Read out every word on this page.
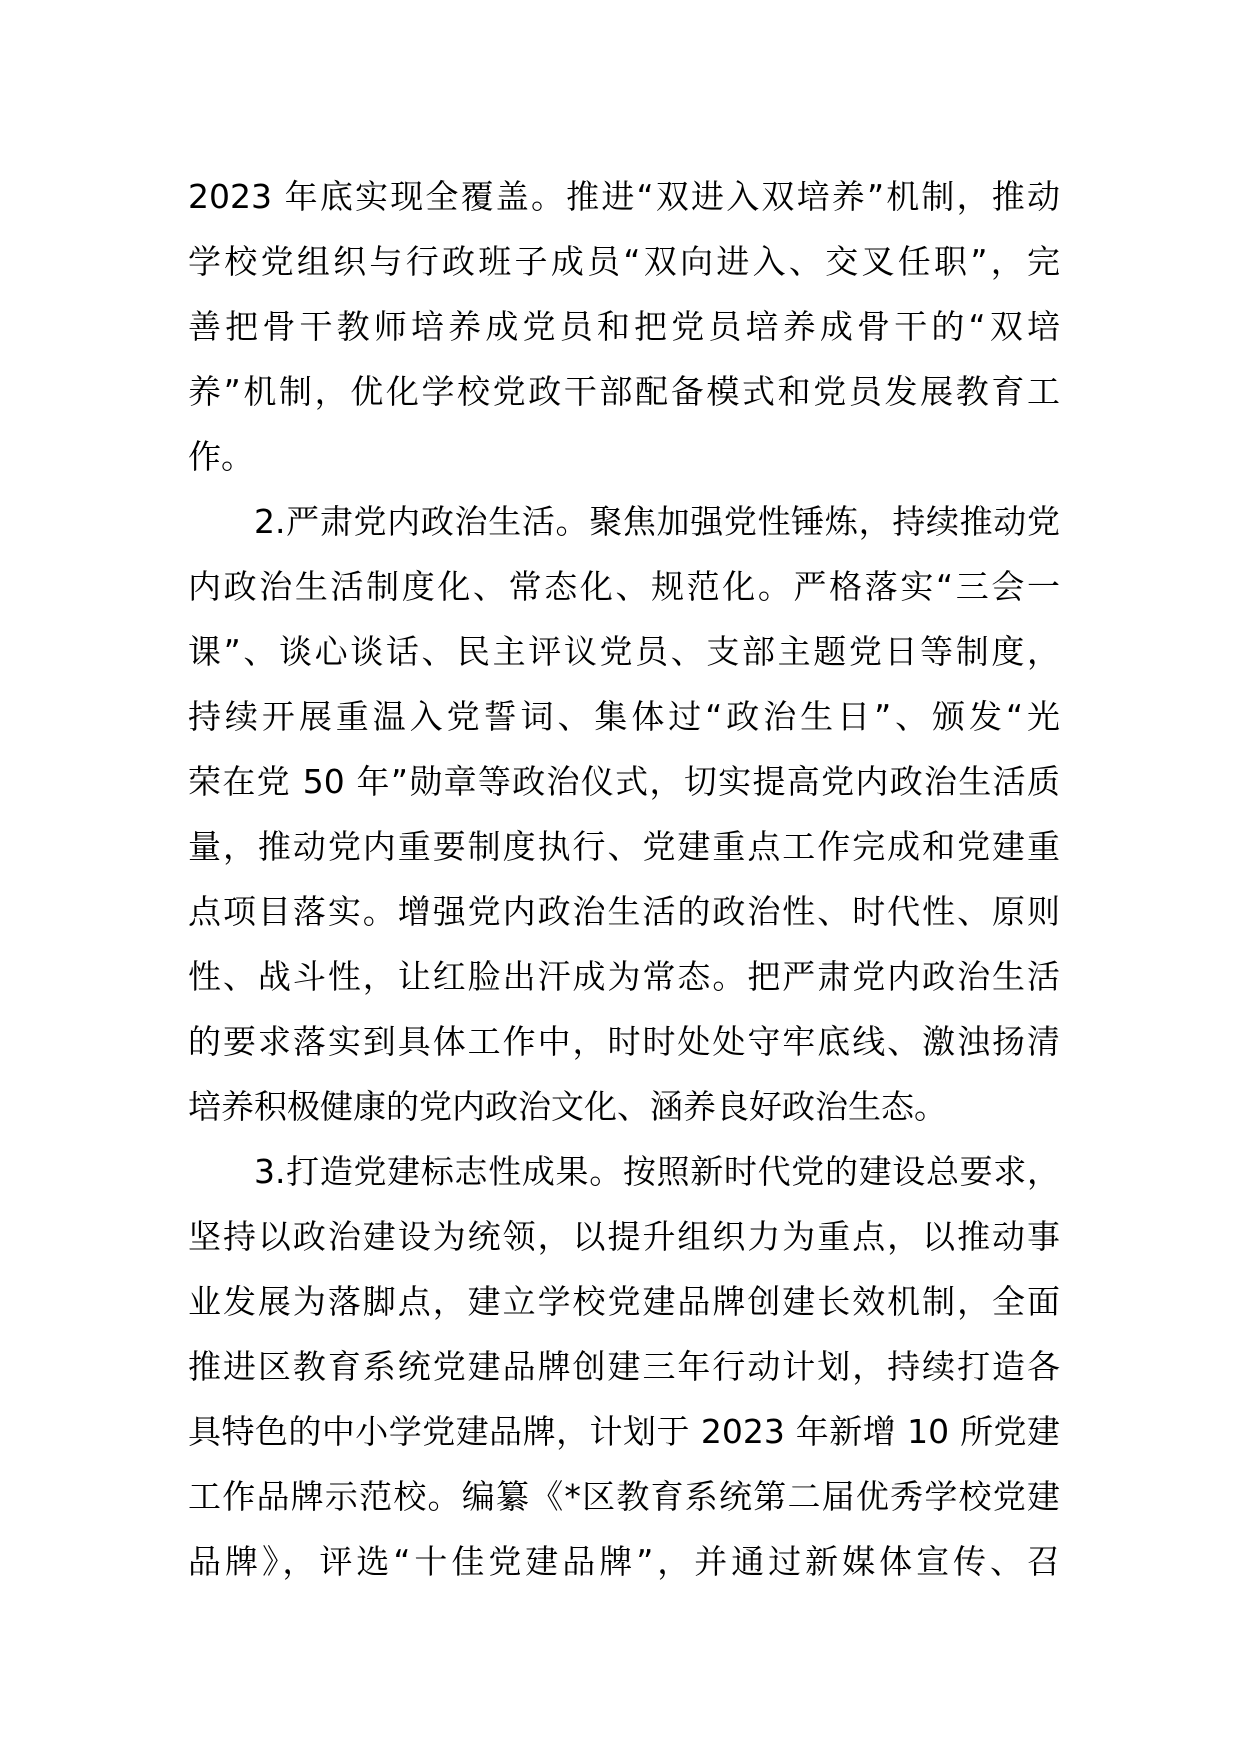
2023 年底实现全覆盖。推进“双进入双培养”机制，推动
学校党组织与行政班子成员“双向进入、交叉任职”，完
善把骨干教师培养成党员和把党员培养成骨干的“双培
养”机制，优化学校党政干部配备模式和党员发展教育工
作。
2.严肃党内政治生活。聚焦加强党性锤炼，持续推动党
内政治生活制度化、常态化、规范化。严格落实“三会一
课”、谈心谈话、民主评议党员、支部主题党日等制度，
持续开展重温入党誓词、集体过“政治生日”、颁发“光
荣在党 50 年”勋章等政治仪式，切实提高党内政治生活质
量，推动党内重要制度执行、党建重点工作完成和党建重
点项目落实。增强党内政治生活的政治性、时代性、原则
性、战斗性，让红脸出汗成为常态。把严肃党内政治生活
的要求落实到具体工作中，时时处处守牢底线、激浊扬清
培养积极健康的党内政治文化、涵养良好政治生态。
3.打造党建标志性成果。按照新时代党的建设总要求，
坚持以政治建设为统领，以提升组织力为重点，以推动事
业发展为落脚点，建立学校党建品牌创建长效机制，全面
推进区教育系统党建品牌创建三年行动计划，持续打造各
具特色的中小学党建品牌，计划于 2023 年新增 10 所党建
工作品牌示范校。编纂《*区教育系统第二届优秀学校党建
品牌》，评选“十佳党建品牌”，并通过新媒体宣传、召
